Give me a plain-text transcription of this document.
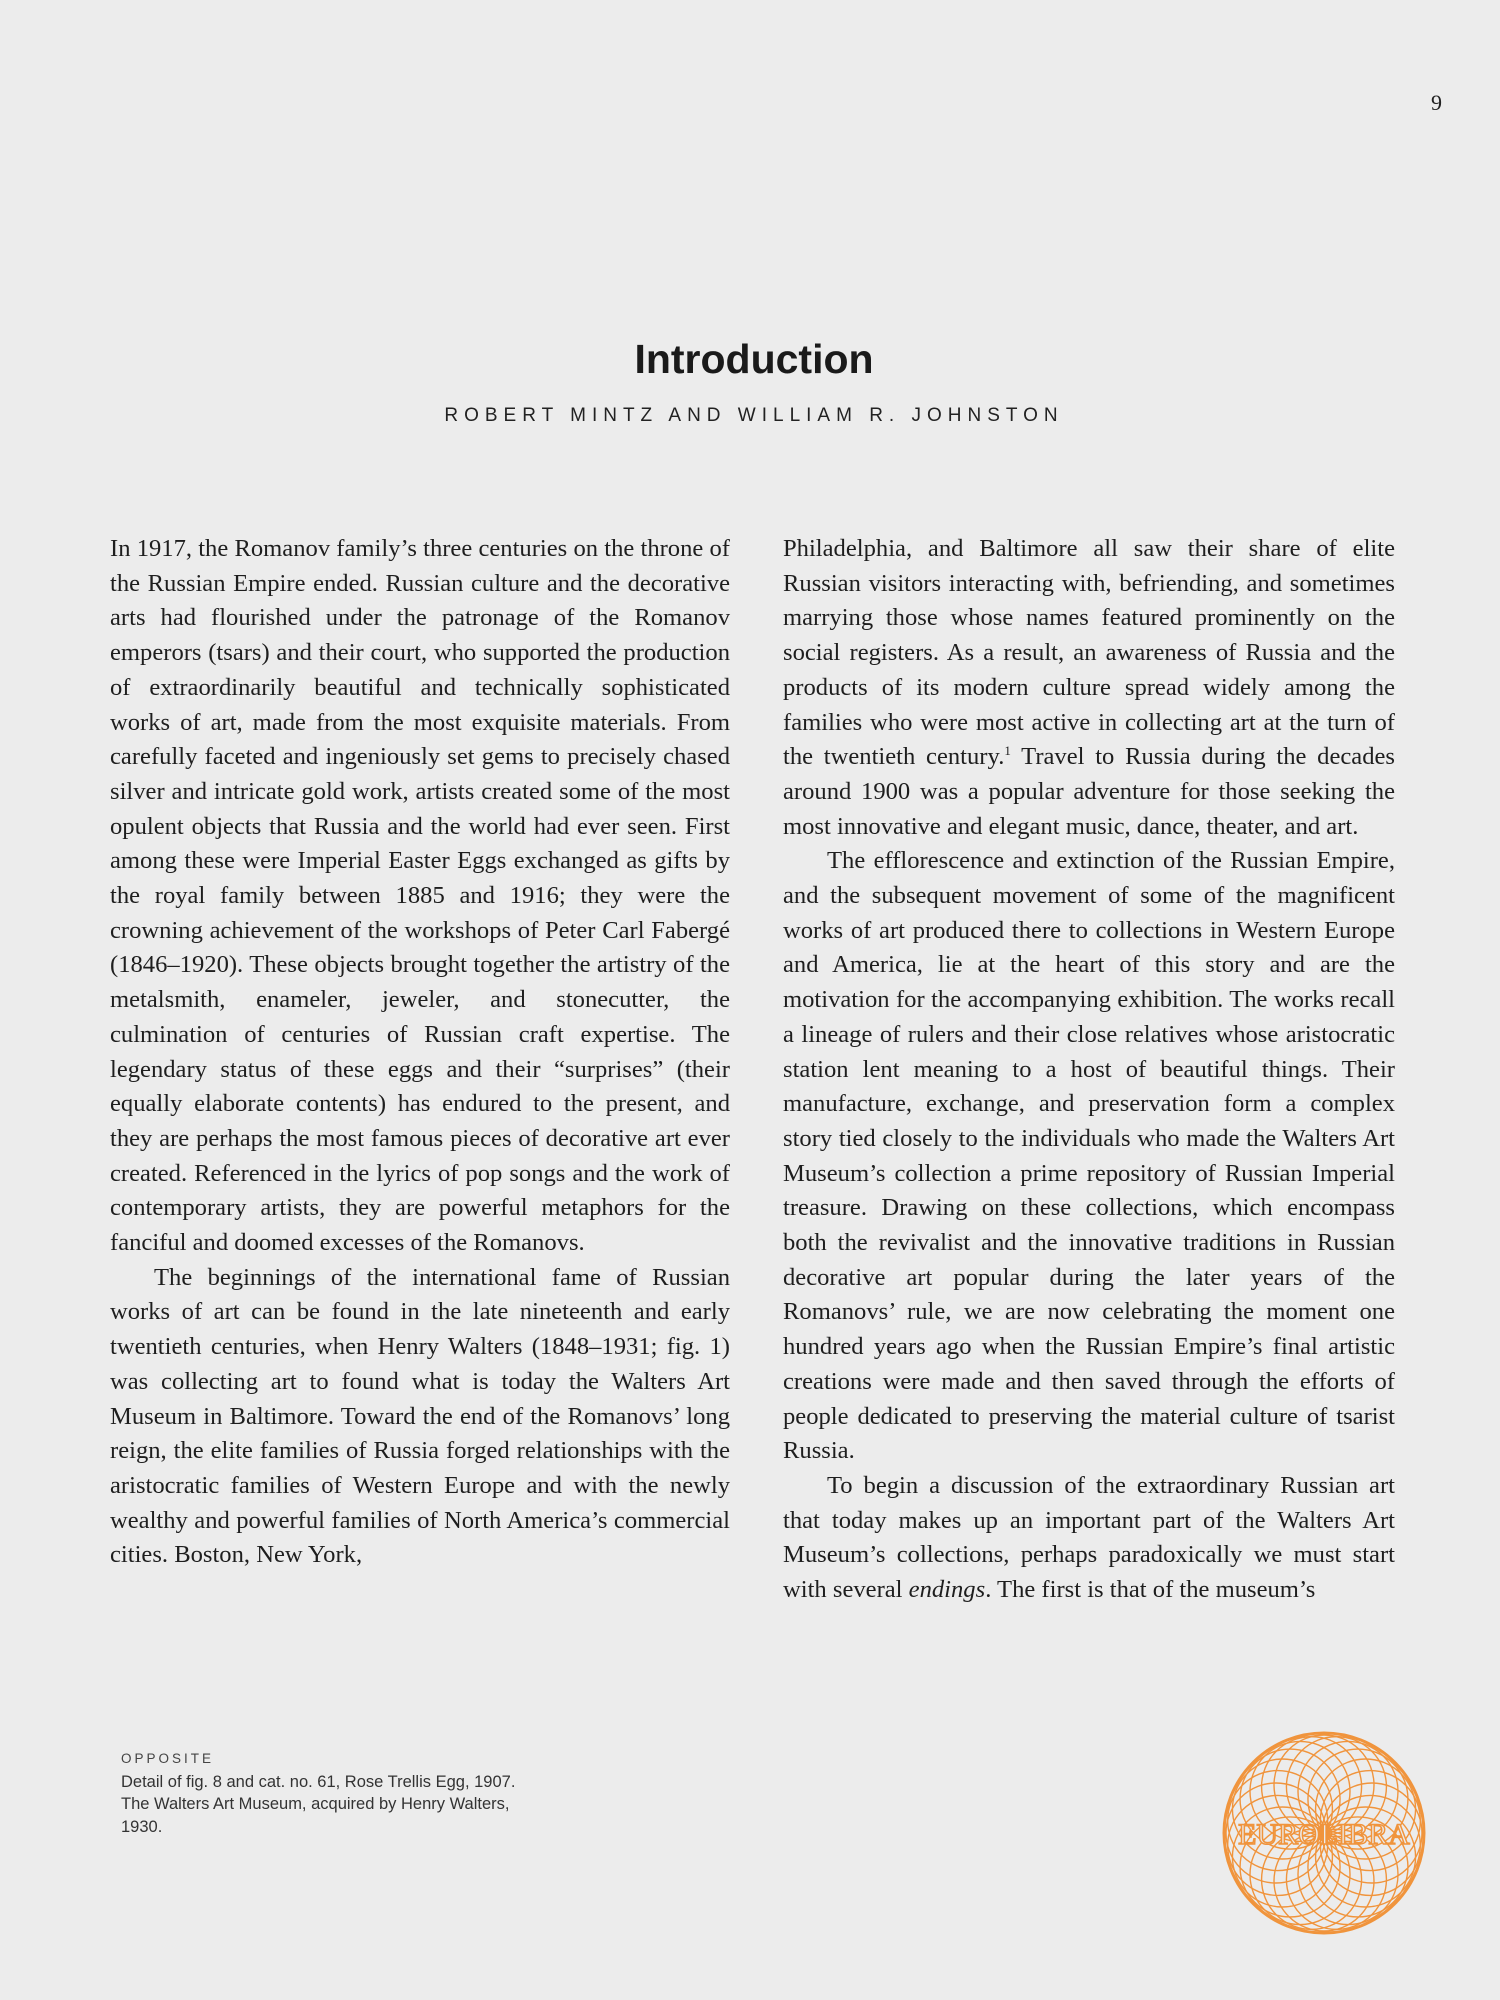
9
Introduction
ROBERT MINTZ AND WILLIAM R. JOHNSTON

In 1917, the Romanov family’s three centuries on the throne of the Russian Empire ended. Russian culture and the decorative arts had flourished under the patronage of the Romanov emperors (tsars) and their court, who supported the production of extraordinarily beautiful and technically sophisticated works of art, made from the most exquisite materials. From carefully faceted and ingeniously set gems to precisely chased silver and intricate gold work, artists created some of the most opulent objects that Russia and the world had ever seen. First among these were Imperial Easter Eggs exchanged as gifts by the royal family between 1885 and 1916; they were the crowning achievement of the workshops of Peter Carl Fabergé (1846–1920). These objects brought together the artistry of the metalsmith, enameler, jeweler, and stonecutter, the culmination of centuries of Russian craft expertise. The legendary status of these eggs and their “surprises” (their equally elaborate contents) has endured to the present, and they are perhaps the most famous pieces of decorative art ever created. Referenced in the lyrics of pop songs and the work of contemporary artists, they are powerful metaphors for the fanciful and doomed excesses of the Romanovs.

The beginnings of the international fame of Russian works of art can be found in the late nineteenth and early twentieth centuries, when Henry Walters (1848–1931; fig. 1) was collecting art to found what is today the Walters Art Museum in Baltimore. Toward the end of the Romanovs’ long reign, the elite families of Russia forged relationships with the aristocratic families of Western Europe and with the newly wealthy and powerful families of North America’s commercial cities. Boston, New York,

Philadelphia, and Baltimore all saw their share of elite Russian visitors interacting with, befriending, and sometimes marrying those whose names featured prominently on the social registers. As a result, an awareness of Russia and the products of its modern culture spread widely among the families who were most active in collecting art at the turn of the twentieth century.$^1$ Travel to Russia during the decades around 1900 was a popular adventure for those seeking the most innovative and elegant music, dance, theater, and art.

The efflorescence and extinction of the Russian Empire, and the subsequent movement of some of the magnificent works of art produced there to collections in Western Europe and America, lie at the heart of this story and are the motivation for the accompanying exhibition. The works recall a lineage of rulers and their close relatives whose aristocratic station lent meaning to a host of beautiful things. Their manufacture, exchange, and preservation form a complex story tied closely to the individuals who made the Walters Art Museum’s collection a prime repository of Russian Imperial treasure. Drawing on these collections, which encompass both the revivalist and the innovative traditions in Russian decorative art popular during the later years of the Romanovs’ rule, we are now celebrating the moment one hundred years ago when the Russian Empire’s final artistic creations were made and then saved through the efforts of people dedicated to preserving the material culture of tsarist Russia.

To begin a discussion of the extraordinary Russian art that today makes up an important part of the Walters Art Museum’s collections, perhaps paradoxically we must start with several endings. The first is that of the museum’s

OPPOSITE
Detail of fig. 8 and cat. no. 61, Rose Trellis Egg, 1907.
The Walters Art Museum, acquired by Henry Walters,
1930.	EUROLIBRA
